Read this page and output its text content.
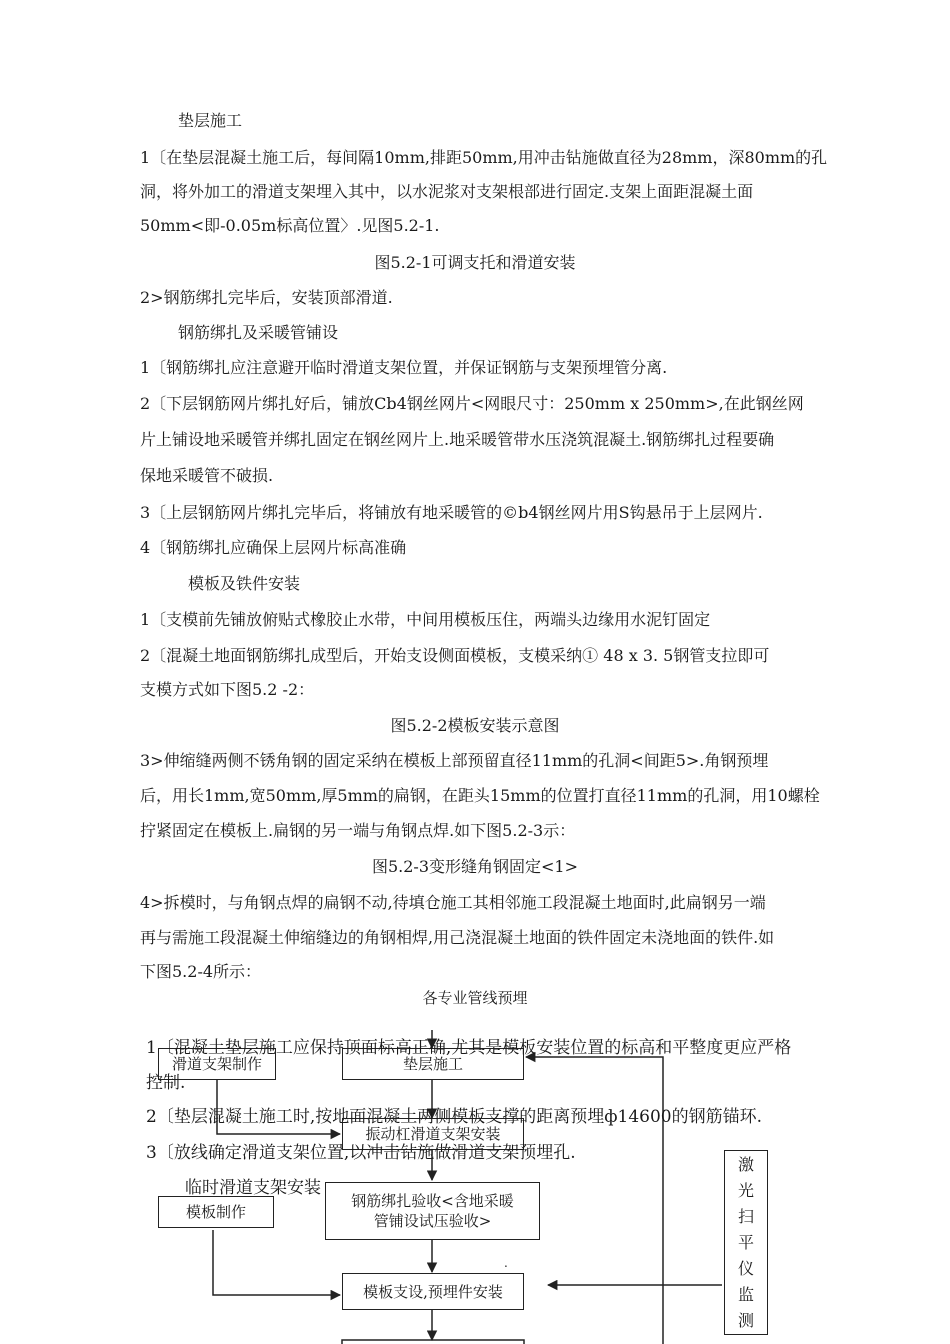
垫层施工
1〔在垫层混凝土施工后，每间隔10mm,排距50mm,用冲击钻施做直径为28mm，深80mm的孔
洞，将外加工的滑道支架埋入其中，以水泥浆对支架根部进行固定.支架上面距混凝土面
50mm<即-0.05m标高位置〉.见图5.2-1.
图5.2-1可调支托和滑道安装
2>钢筋绑扎完毕后，安装顶部滑道.
钢筋绑扎及采暖管铺设
1〔钢筋绑扎应注意避开临时滑道支架位置，并保证钢筋与支架预埋管分离.
2〔下层钢筋网片绑扎好后，铺放Cb4钢丝网片<网眼尺寸：250mm x 250mm>,在此钢丝网
片上铺设地采暖管并绑扎固定在钢丝网片上.地采暖管带水压浇筑混凝土.钢筋绑扎过程要确
保地采暖管不破损.
3〔上层钢筋网片绑扎完毕后，将铺放有地采暖管的©b4钢丝网片用S钩悬吊于上层网片.
4〔钢筋绑扎应确保上层网片标高准确
模板及铁件安装
1〔支模前先铺放俯贴式橡胶止水带，中间用模板压住，两端头边缘用水泥钉固定
2〔混凝土地面钢筋绑扎成型后，开始支设侧面模板，支模采纳① 48 x 3. 5钢管支拉即可
支模方式如下图5.2 -2：
图5.2-2模板安装示意图
3>伸缩缝两侧不锈角钢的固定采纳在模板上部预留直径11mm的孔洞<间距5>.角钢预埋
后，用长1mm,宽50mm,厚5mm的扁钢，在距头15mm的位置打直径11mm的孔洞，用10螺栓
拧紧固定在模板上.扁钢的另一端与角钢点焊.如下图5.2-3示：
图5.2-3变形缝角钢固定<1>
4>拆模时，与角钢点焊的扁钢不动,待填仓施工其相邻施工段混凝土地面时,此扁钢另一端
再与需施工段混凝土伸缩缝边的角钢相焊,用己浇混凝土地面的铁件固定未浇地面的铁件.如
下图5.2-4所示：
各专业管线预埋
滑道支架制作	垫层施工
振动杠滑道支架安装
模板制作
钢筋绑扎验收<含地采暖
管铺设试压验收>
模板支设,预埋件安装
激
光
扫
平
仪
监
测
.
1〔混凝土垫层施工应保持顶面标高正确,尤其是模板安装位置的标高和平整度更应严格
控制.
2〔垫层混凝土施工时,按地面混凝土两侧模板支撑的距离预埋ф14600的钢筋锚环.
3〔放线确定滑道支架位置,以冲击钻施做滑道支架预埋孔.
临时滑道支架安装
